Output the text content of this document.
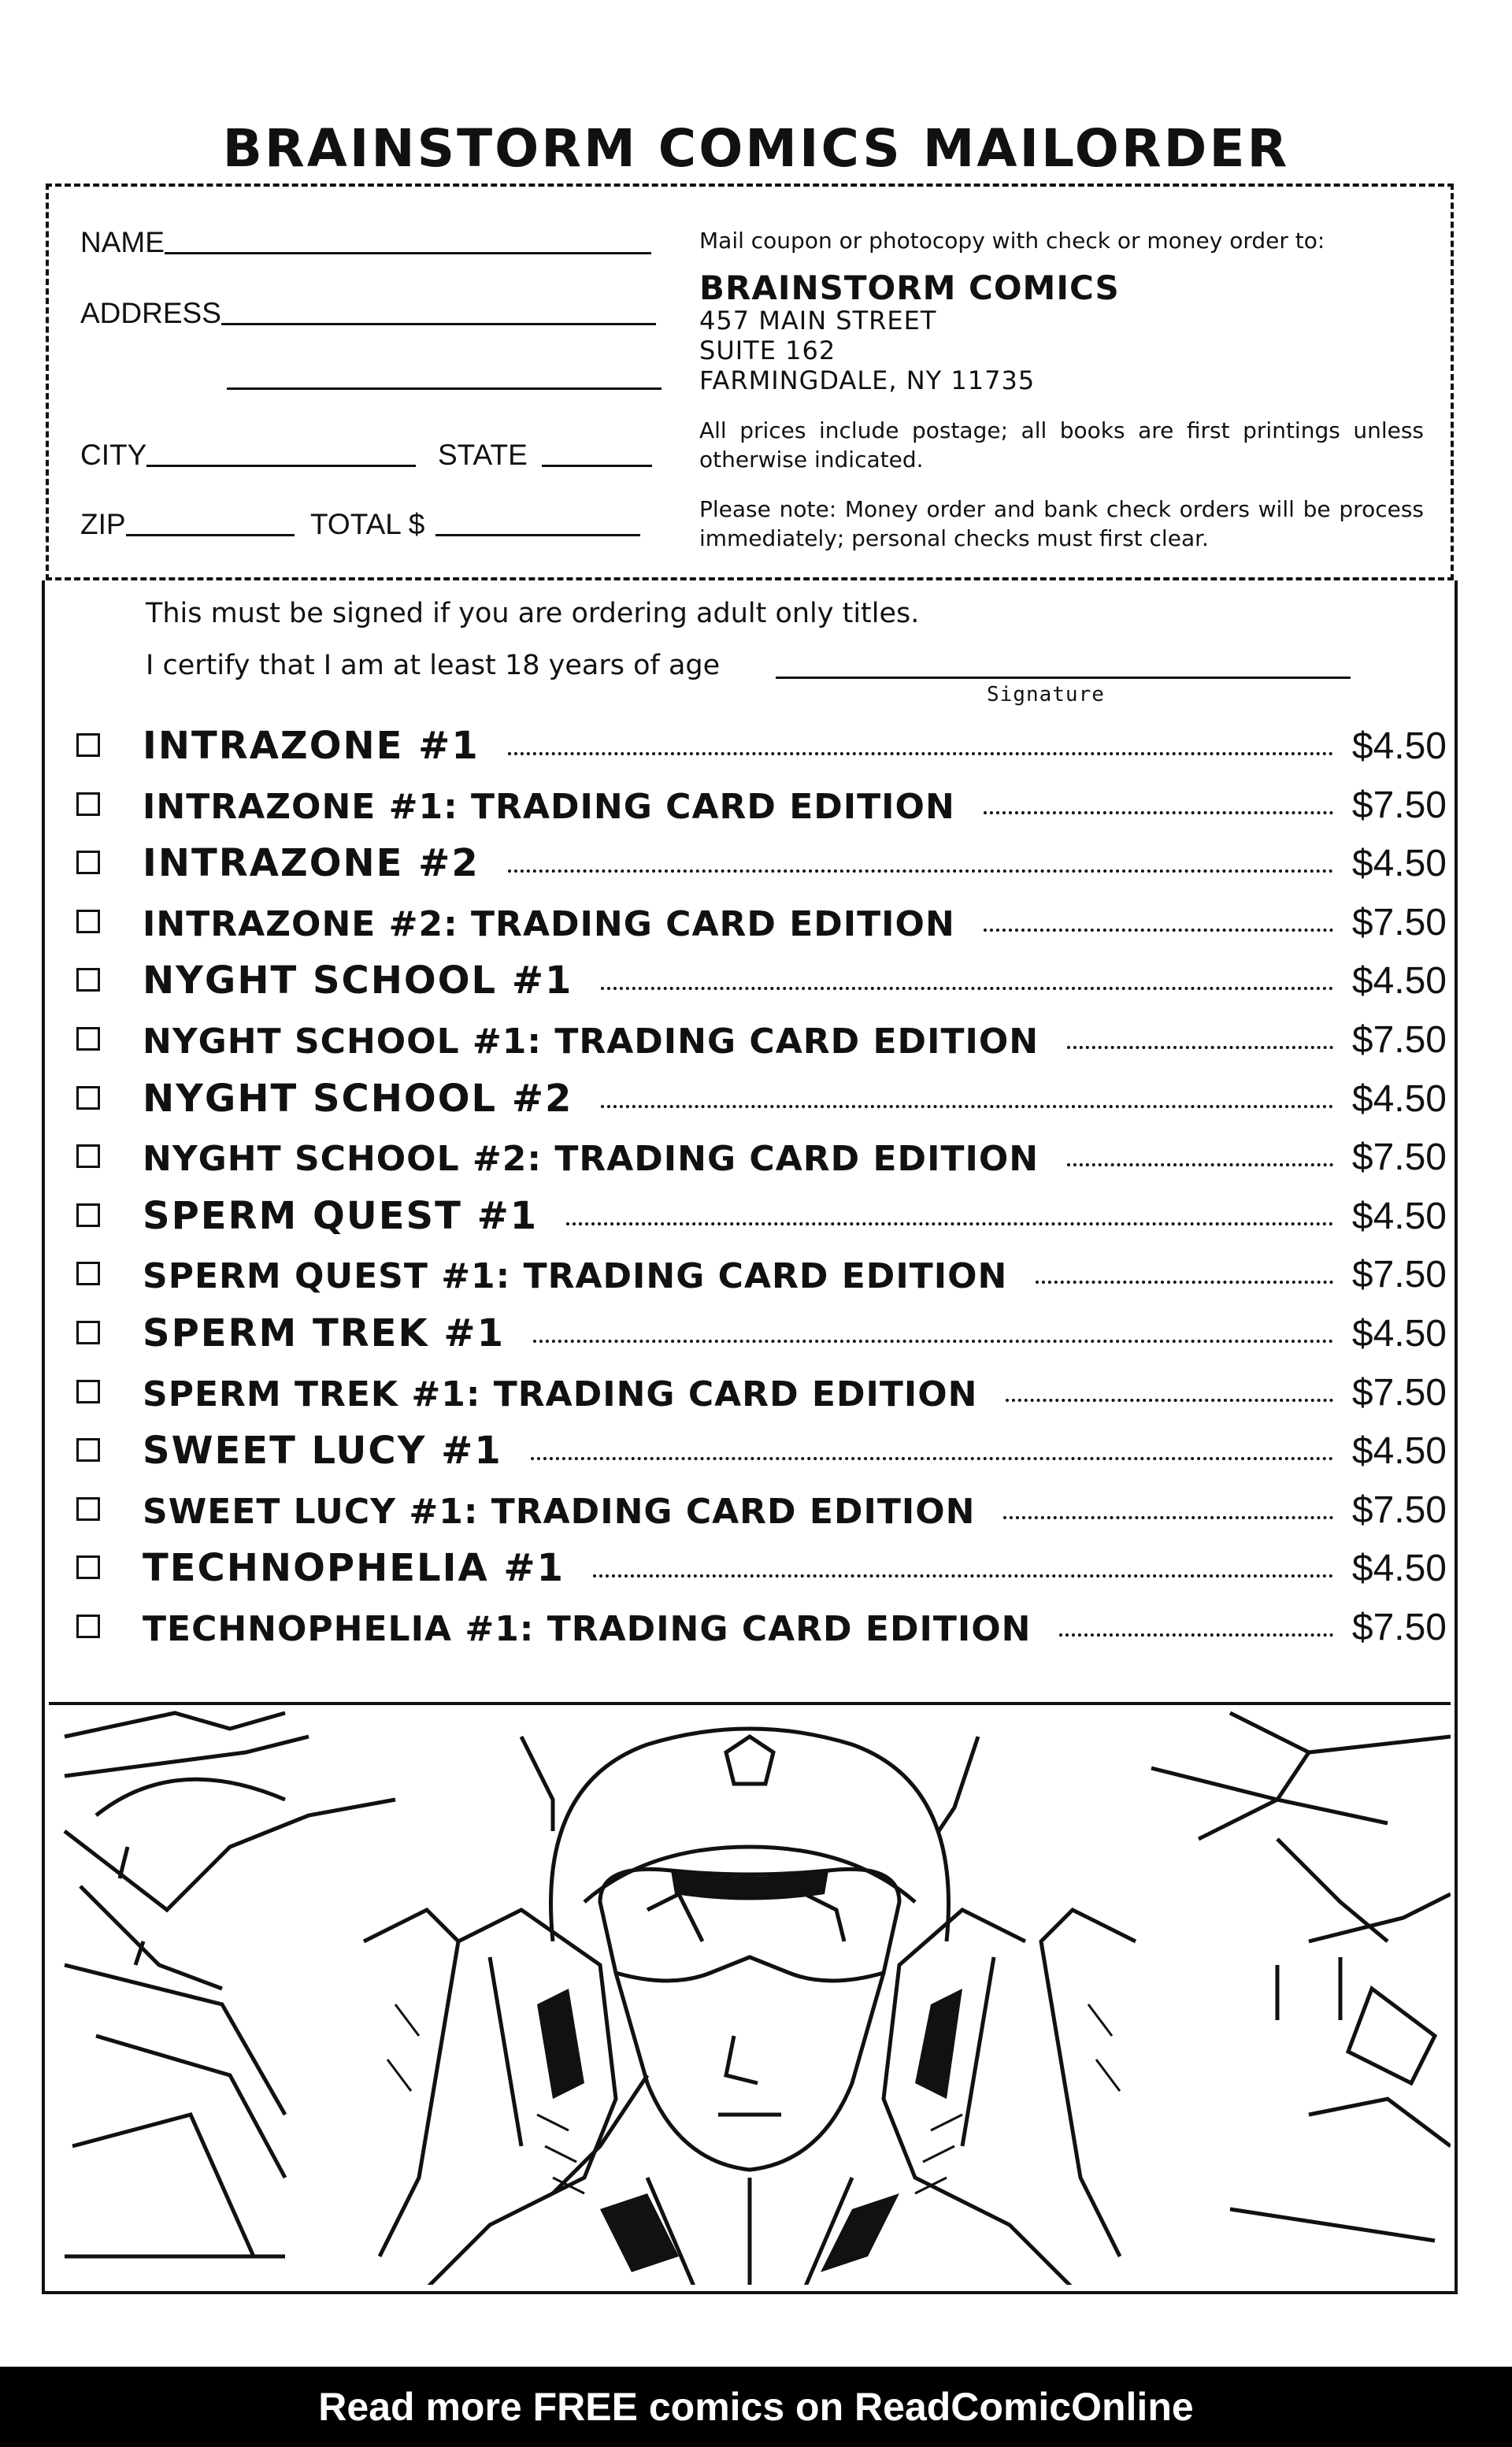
BRAINSTORM COMICS MAILORDER
NAME
ADDRESS
CITY	STATE
ZIP	TOTAL $
Mail coupon or photocopy with check or money order to:
BRAINSTORM COMICS
457 MAIN STREET
SUITE 162
FARMINGDALE, NY 11735
All prices include postage; all books are first printings unless otherwise indicated.
Please note: Money order and bank check orders will be process immediately; personal checks must first clear.
This must be signed if you are ordering adult only titles.
I certify that I am at least 18 years of age
Signature
INTRAZONE #1	$4.50
INTRAZONE #1: TRADING CARD EDITION	$7.50
INTRAZONE #2	$4.50
INTRAZONE #2: TRADING CARD EDITION	$7.50
NYGHT SCHOOL #1	$4.50
NYGHT SCHOOL #1: TRADING CARD EDITION	$7.50
NYGHT SCHOOL #2	$4.50
NYGHT SCHOOL #2: TRADING CARD EDITION	$7.50
SPERM QUEST #1	$4.50
SPERM QUEST #1: TRADING CARD EDITION	$7.50
SPERM TREK #1	$4.50
SPERM TREK #1: TRADING CARD EDITION	$7.50
SWEET LUCY #1	$4.50
SWEET LUCY #1: TRADING CARD EDITION	$7.50
TECHNOPHELIA #1	$4.50
TECHNOPHELIA #1: TRADING CARD EDITION	$7.50
Read more FREE comics on ReadComicOnline
